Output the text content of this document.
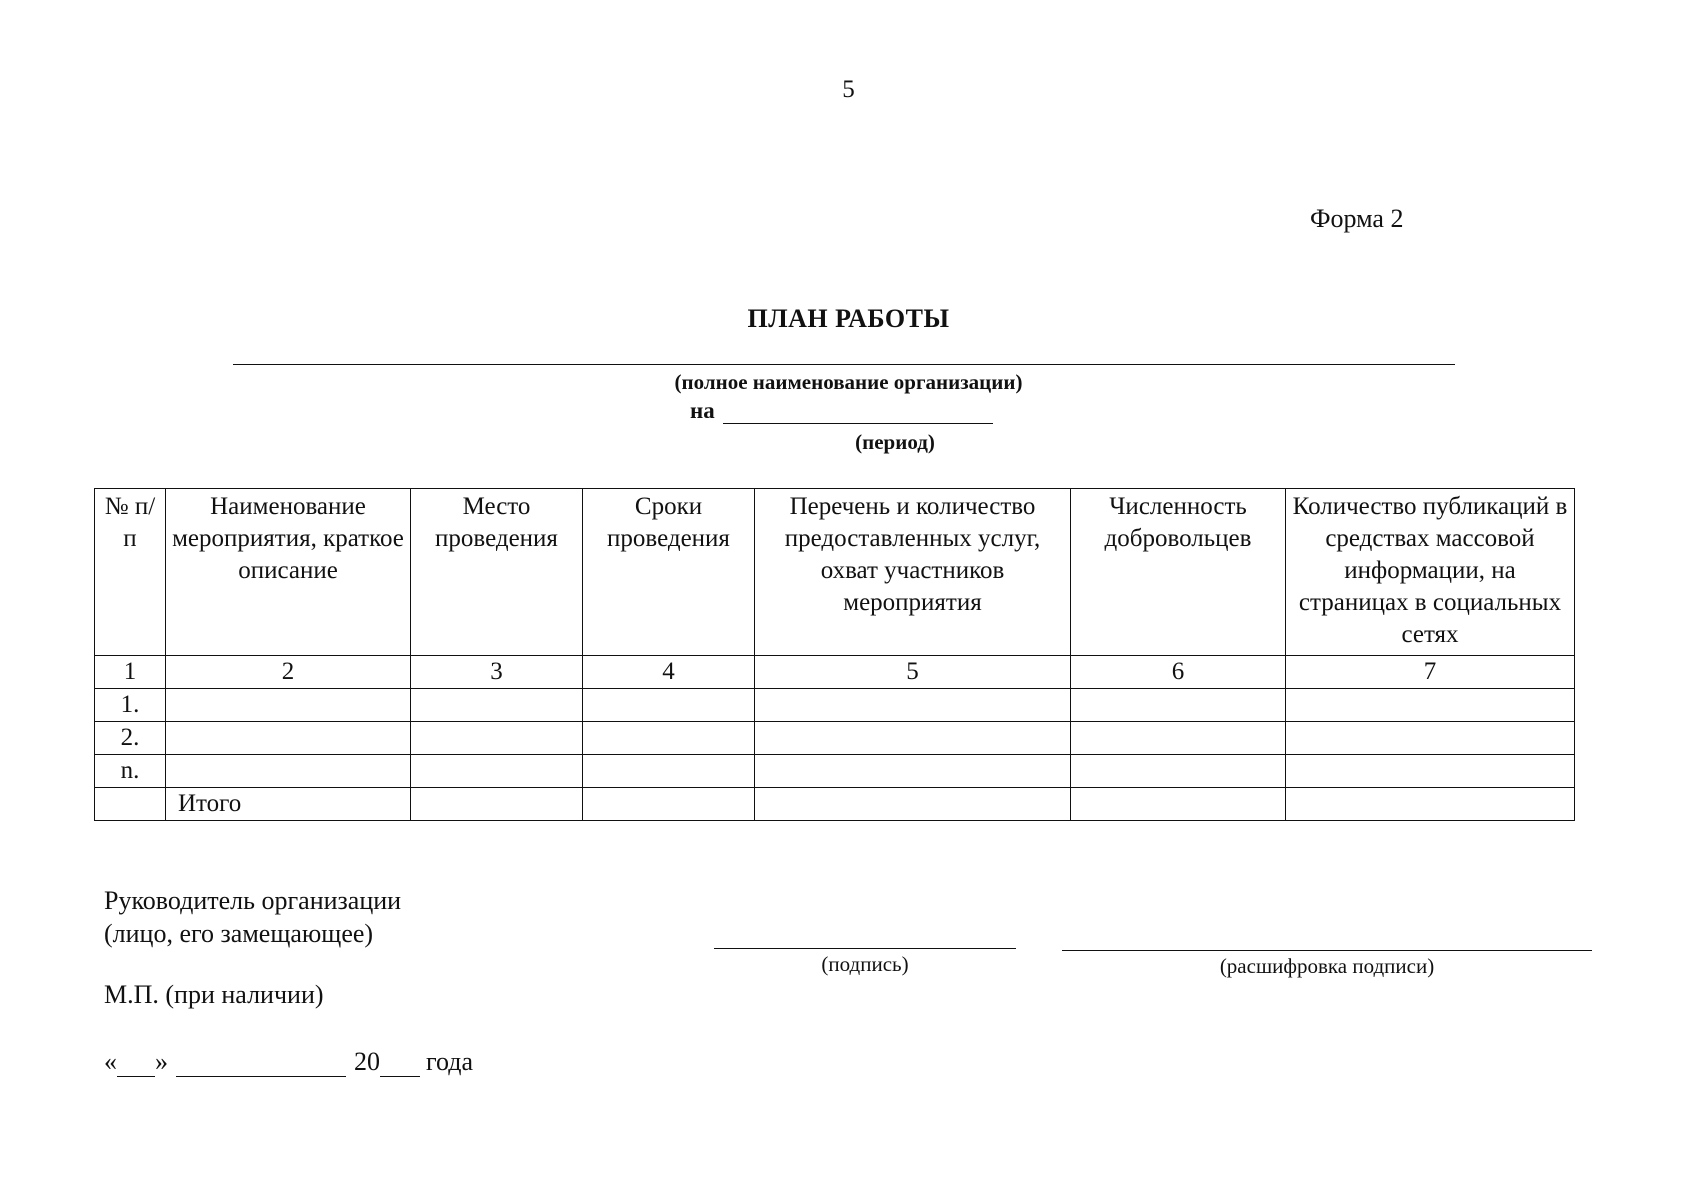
5
Форма 2
ПЛАН РАБОТЫ
(полное наименование организации)
на
(период)
№ п/п	Наименование мероприятия, краткое описание	Место проведения	Сроки проведения	Перечень и количество предоставленных услуг, охват участников мероприятия	Численность добровольцев	Количество публикаций в средствах массовой информации, на страницах в социальных сетях
1	2	3	4	5	6	7
1.						
2.						
n.						
	Итого					
Руководитель организации
(лицо, его замещающее)
(подпись)	(расшифровка подписи)
М.П. (при наличии)
« »	20 года
